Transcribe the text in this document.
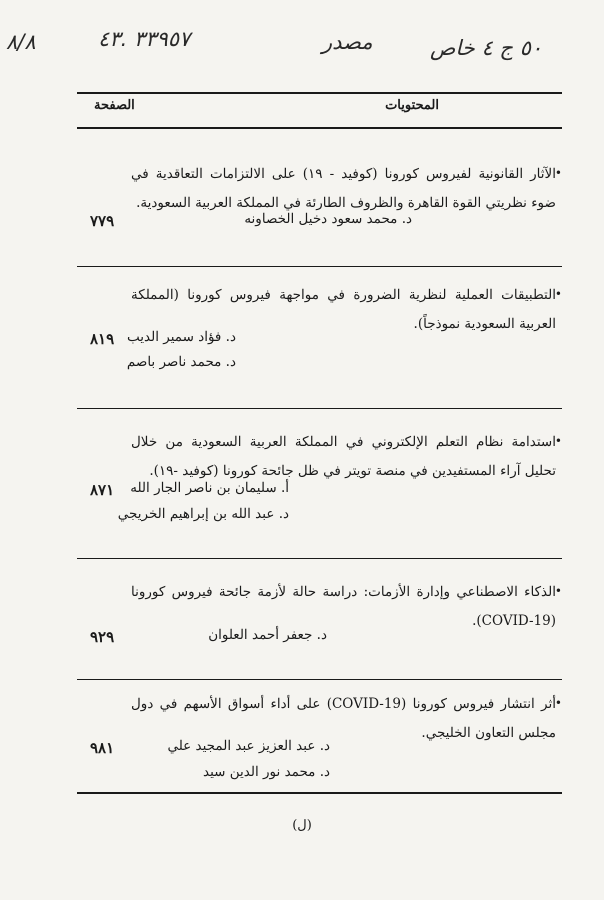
٨/٨	٣٣٩٥٧ .٤٣	مصدر	٥٠ ج ٤ خاص
المحتويات
الصفحة
•
الآثار القانونية لفيروس كورونا (كوفيد - ١٩) على الالتزامات التعاقدية في ضوء نظريتي القوة القاهرة والظروف الطارئة في المملكة العربية السعودية.
د. محمد سعود دخيل الخصاونه
٧٧٩
•
التطبيقات العملية لنظرية الضرورة في مواجهة فيروس كورونا (المملكة العربية السعودية نموذجاً).
د. فؤاد سمير الديب
د. محمد ناصر باصم
٨١٩
•
استدامة نظام التعلم الإلكتروني في المملكة العربية السعودية من خلال تحليل آراء المستفيدين في منصة تويتر في ظل جائحة كورونا (كوفيد -١٩).
أ. سليمان بن ناصر الجار الله
د. عبد الله بن إبراهيم الخريجي
٨٧١
•
الذكاء الاصطناعي وإدارة الأزمات: دراسة حالة لأزمة جائحة فيروس كورونا (COVID-19).
د. جعفر أحمد العلوان
٩٢٩
•
أثر انتشار فيروس كورونا (COVID-19) على أداء أسواق الأسهم في دول مجلس التعاون الخليجي.
د. عبد العزيز عبد المجيد علي
د. محمد نور الدين سيد
٩٨١
(ل)
